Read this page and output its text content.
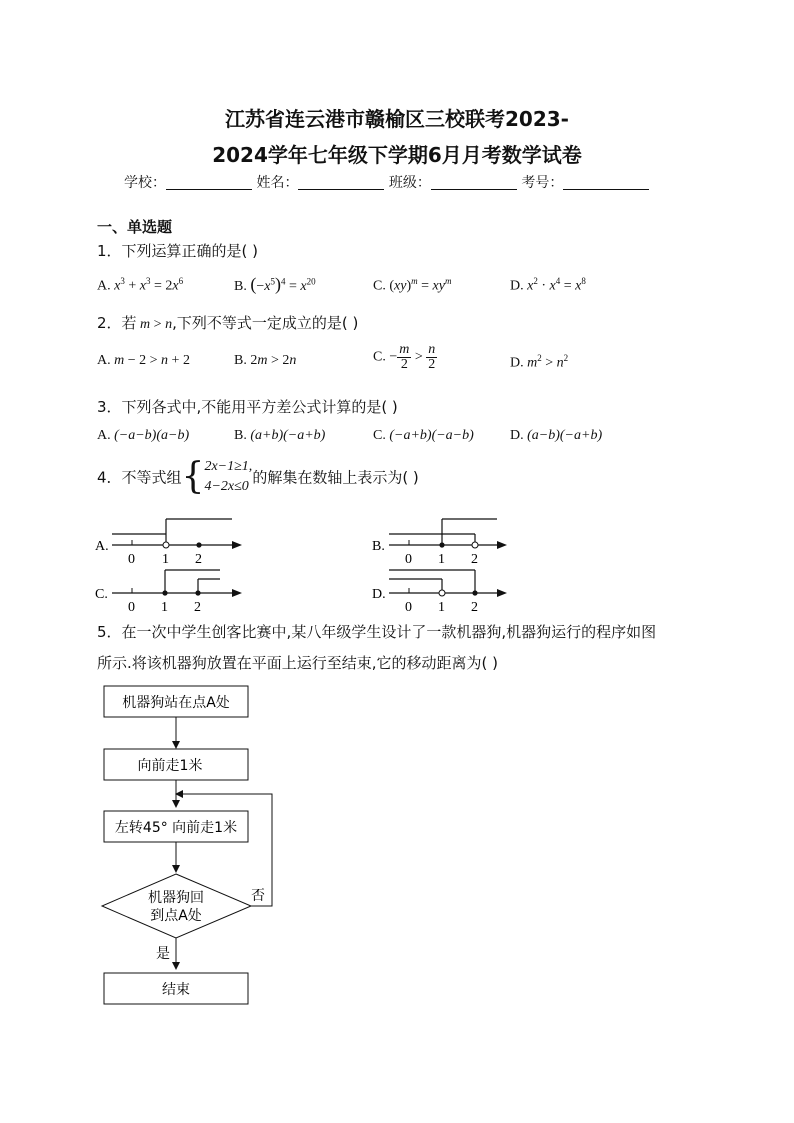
江苏省连云港市赣榆区三校联考2023-
2024学年七年级下学期6月月考数学试卷
学校：	姓名：	班级：	考号：
一、单选题
1．下列运算正确的是( )
A. $x^3 + x^3 = 2x^6$	B. $(-x^5)^4 = x^{20}$	C. $(xy)^m = xy^m$	D. $x^2 \cdot x^4 = x^8$
2．若 m > n,下列不等式一定成立的是( )
A. m − 2 > n + 2	B. 2m > 2n	C. − $\frac{m}{2} > \frac{n}{2}$	D. $m^2 > n^2$
3．下列各式中,不能用平方差公式计算的是( )
A. (−a−b)(a−b)	B. (a+b)(−a+b)	C. (−a+b)(−a−b)	D. (a−b)(−a+b)
4．不等式组{ 2x−1≥1,
4−2x≤0 的解集在数轴上表示为( )
A.
0 1 2
B.
0 1 2
C.
0 1 2
D.
0 1 2
5．在一次中学生创客比赛中,某八年级学生设计了一款机器狗,机器狗运行的程序如图
所示.将该机器狗放置在平面上运行至结束,它的移动距离为( )
机器狗站在点A处
向前走1米
左转45° 向前走1米
机器狗回
到点A处
否
是
结束
